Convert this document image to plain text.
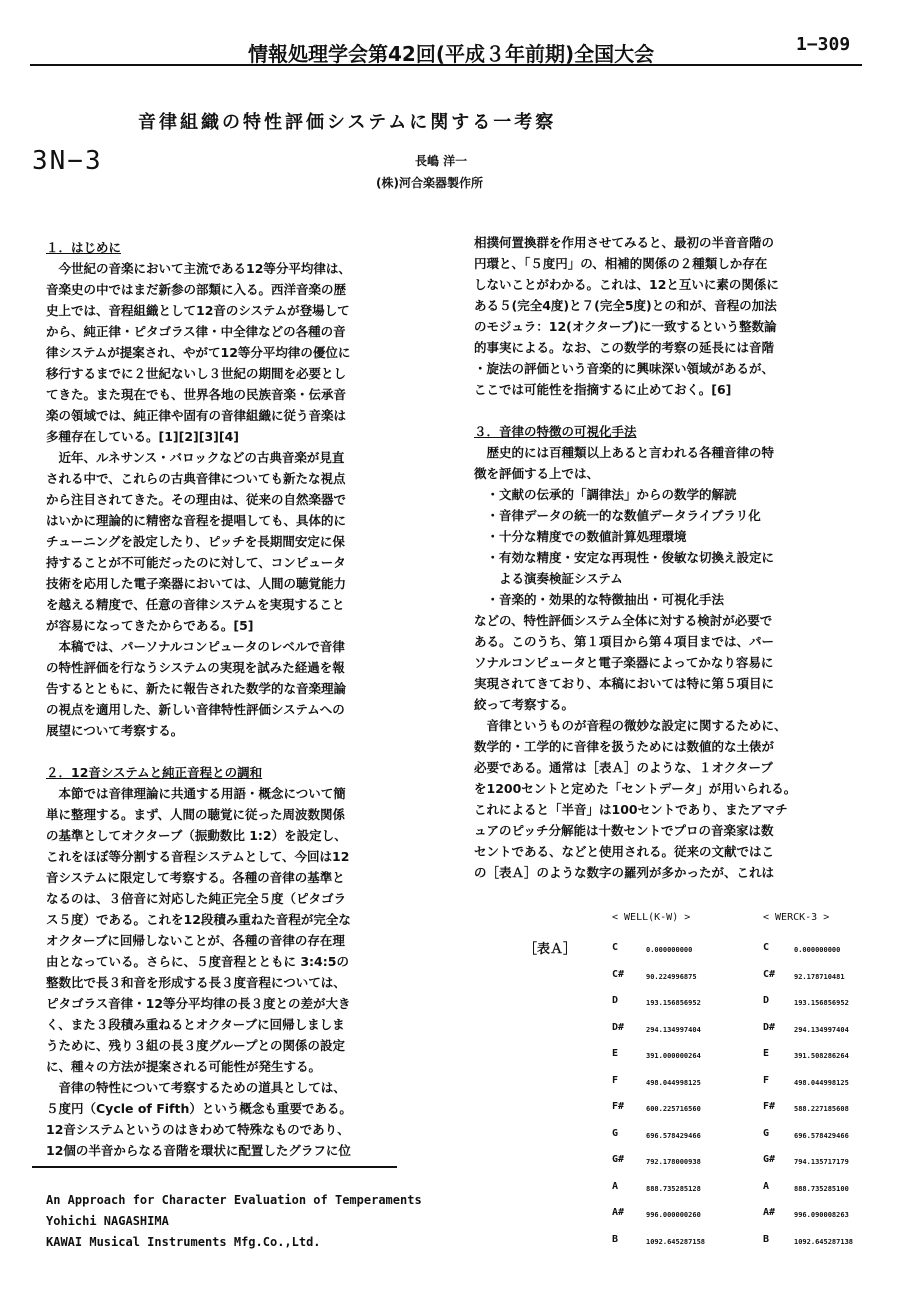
情報処理学会第42回(平成３年前期)全国大会	1−309
音律組織の特性評価システムに関する一考察
3N−3	長嶋 洋一
(株)河合楽器製作所
１．はじめに
　今世紀の音楽において主流である12等分平均律は、
音楽史の中ではまだ新参の部類に入る。西洋音楽の歴
史上では、音程組織として12音のシステムが登場して
から、純正律・ピタゴラス律・中全律などの各種の音
律システムが提案され、やがて12等分平均律の優位に
移行するまでに２世紀ないし３世紀の期間を必要とし
てきた。また現在でも、世界各地の民族音楽・伝承音
楽の領域では、純正律や固有の音律組織に従う音楽は
多種存在している。[1][2][3][4]
　近年、ルネサンス・バロックなどの古典音楽が見直
される中で、これらの古典音律についても新たな視点
から注目されてきた。その理由は、従来の自然楽器で
はいかに理論的に精密な音程を提唱しても、具体的に
チューニングを設定したり、ピッチを長期間安定に保
持することが不可能だったのに対して、コンピュータ
技術を応用した電子楽器においては、人間の聴覚能力
を越える精度で、任意の音律システムを実現すること
が容易になってきたからである。[5]
　本稿では、パーソナルコンピュータのレベルで音律
の特性評価を行なうシステムの実現を試みた経過を報
告するとともに、新たに報告された数学的な音楽理論
の視点を適用した、新しい音律特性評価システムへの
展望について考察する。
２．12音システムと純正音程との調和
　本節では音律理論に共通する用語・概念について簡
単に整理する。まず、人間の聴覚に従った周波数関係
の基準としてオクターブ（振動数比 1:2）を設定し、
これをほぼ等分割する音程システムとして、今回は12
音システムに限定して考察する。各種の音律の基準と
なるのは、３倍音に対応した純正完全５度（ピタゴラ
ス５度）である。これを12段積み重ねた音程が完全な
オクターブに回帰しないことが、各種の音律の存在理
由となっている。さらに、５度音程とともに 3:4:5の
整数比で長３和音を形成する長３度音程については、
ピタゴラス音律・12等分平均律の長３度との差が大き
く、また３段積み重ねるとオクターブに回帰しましま
うために、残り３組の長３度グループとの関係の設定
に、種々の方法が提案される可能性が発生する。
　音律の特性について考察するための道具としては、
５度円（Cycle of Fifth）という概念も重要である。
12音システムというのはきわめて特殊なものであり、
12個の半音からなる音階を環状に配置したグラフに位
相撲何置換群を作用させてみると、最初の半音音階の
円環と、「５度円」の、相補的関係の２種類しか存在
しないことがわかる。これは、12と互いに素の関係に
ある５(完全4度)と７(完全5度)との和が、音程の加法
のモジュラ：12(オクターブ)に一致するという整数論
的事実による。なお、この数学的考察の延長には音階
・旋法の評価という音楽的に興味深い領域があるが、
ここでは可能性を指摘するに止めておく。[6]
３．音律の特徴の可視化手法
　歴史的には百種類以上あると言われる各種音律の特
徴を評価する上では、
　・文献の伝承的「調律法」からの数学的解読
　・音律データの統一的な数値データライブラリ化
　・十分な精度での数値計算処理環境
　・有効な精度・安定な再現性・俊敏な切換え設定に
　　よる演奏検証システム
　・音楽的・効果的な特徴抽出・可視化手法
などの、特性評価システム全体に対する検討が必要で
ある。このうち、第１項目から第４項目までは、パー
ソナルコンピュータと電子楽器によってかなり容易に
実現されてきており、本稿においては特に第５項目に
絞って考察する。
　音律というものが音程の微妙な設定に関するために、
数学的・工学的に音律を扱うためには数値的な土俵が
必要である。通常は［表Ａ］のような、１オクターブ
を1200セントと定めた「セントデータ」が用いられる。
これによると「半音」は100セントであり、またアマチ
ュアのピッチ分解能は十数セントでプロの音楽家は数
セントである、などと使用される。従来の文献ではこ
の［表Ａ］のような数字の羅列が多かったが、これは
< WELL(K-W) >	< WERCK-3 >
［表Ａ］	C	0.000000000	C	0.000000000
C#	90.224996875	C#	92.178710481
D	193.156856952	D	193.156856952
D#	294.134997404	D#	294.134997404
E	391.000000264	E	391.508286264
F	498.044998125	F	498.044998125
F#	600.225716560	F#	588.227185608
G	696.578429466	G	696.578429466
G#	792.178000938	G#	794.135717179
A	888.735285128	A	888.735285100
A#	996.000000260	A#	996.090008263
B	1092.645287158	B	1092.645287138
An Approach for Character Evaluation of Temperaments
Yohichi NAGASHIMA
KAWAI Musical Instruments Mfg.Co.,Ltd.
